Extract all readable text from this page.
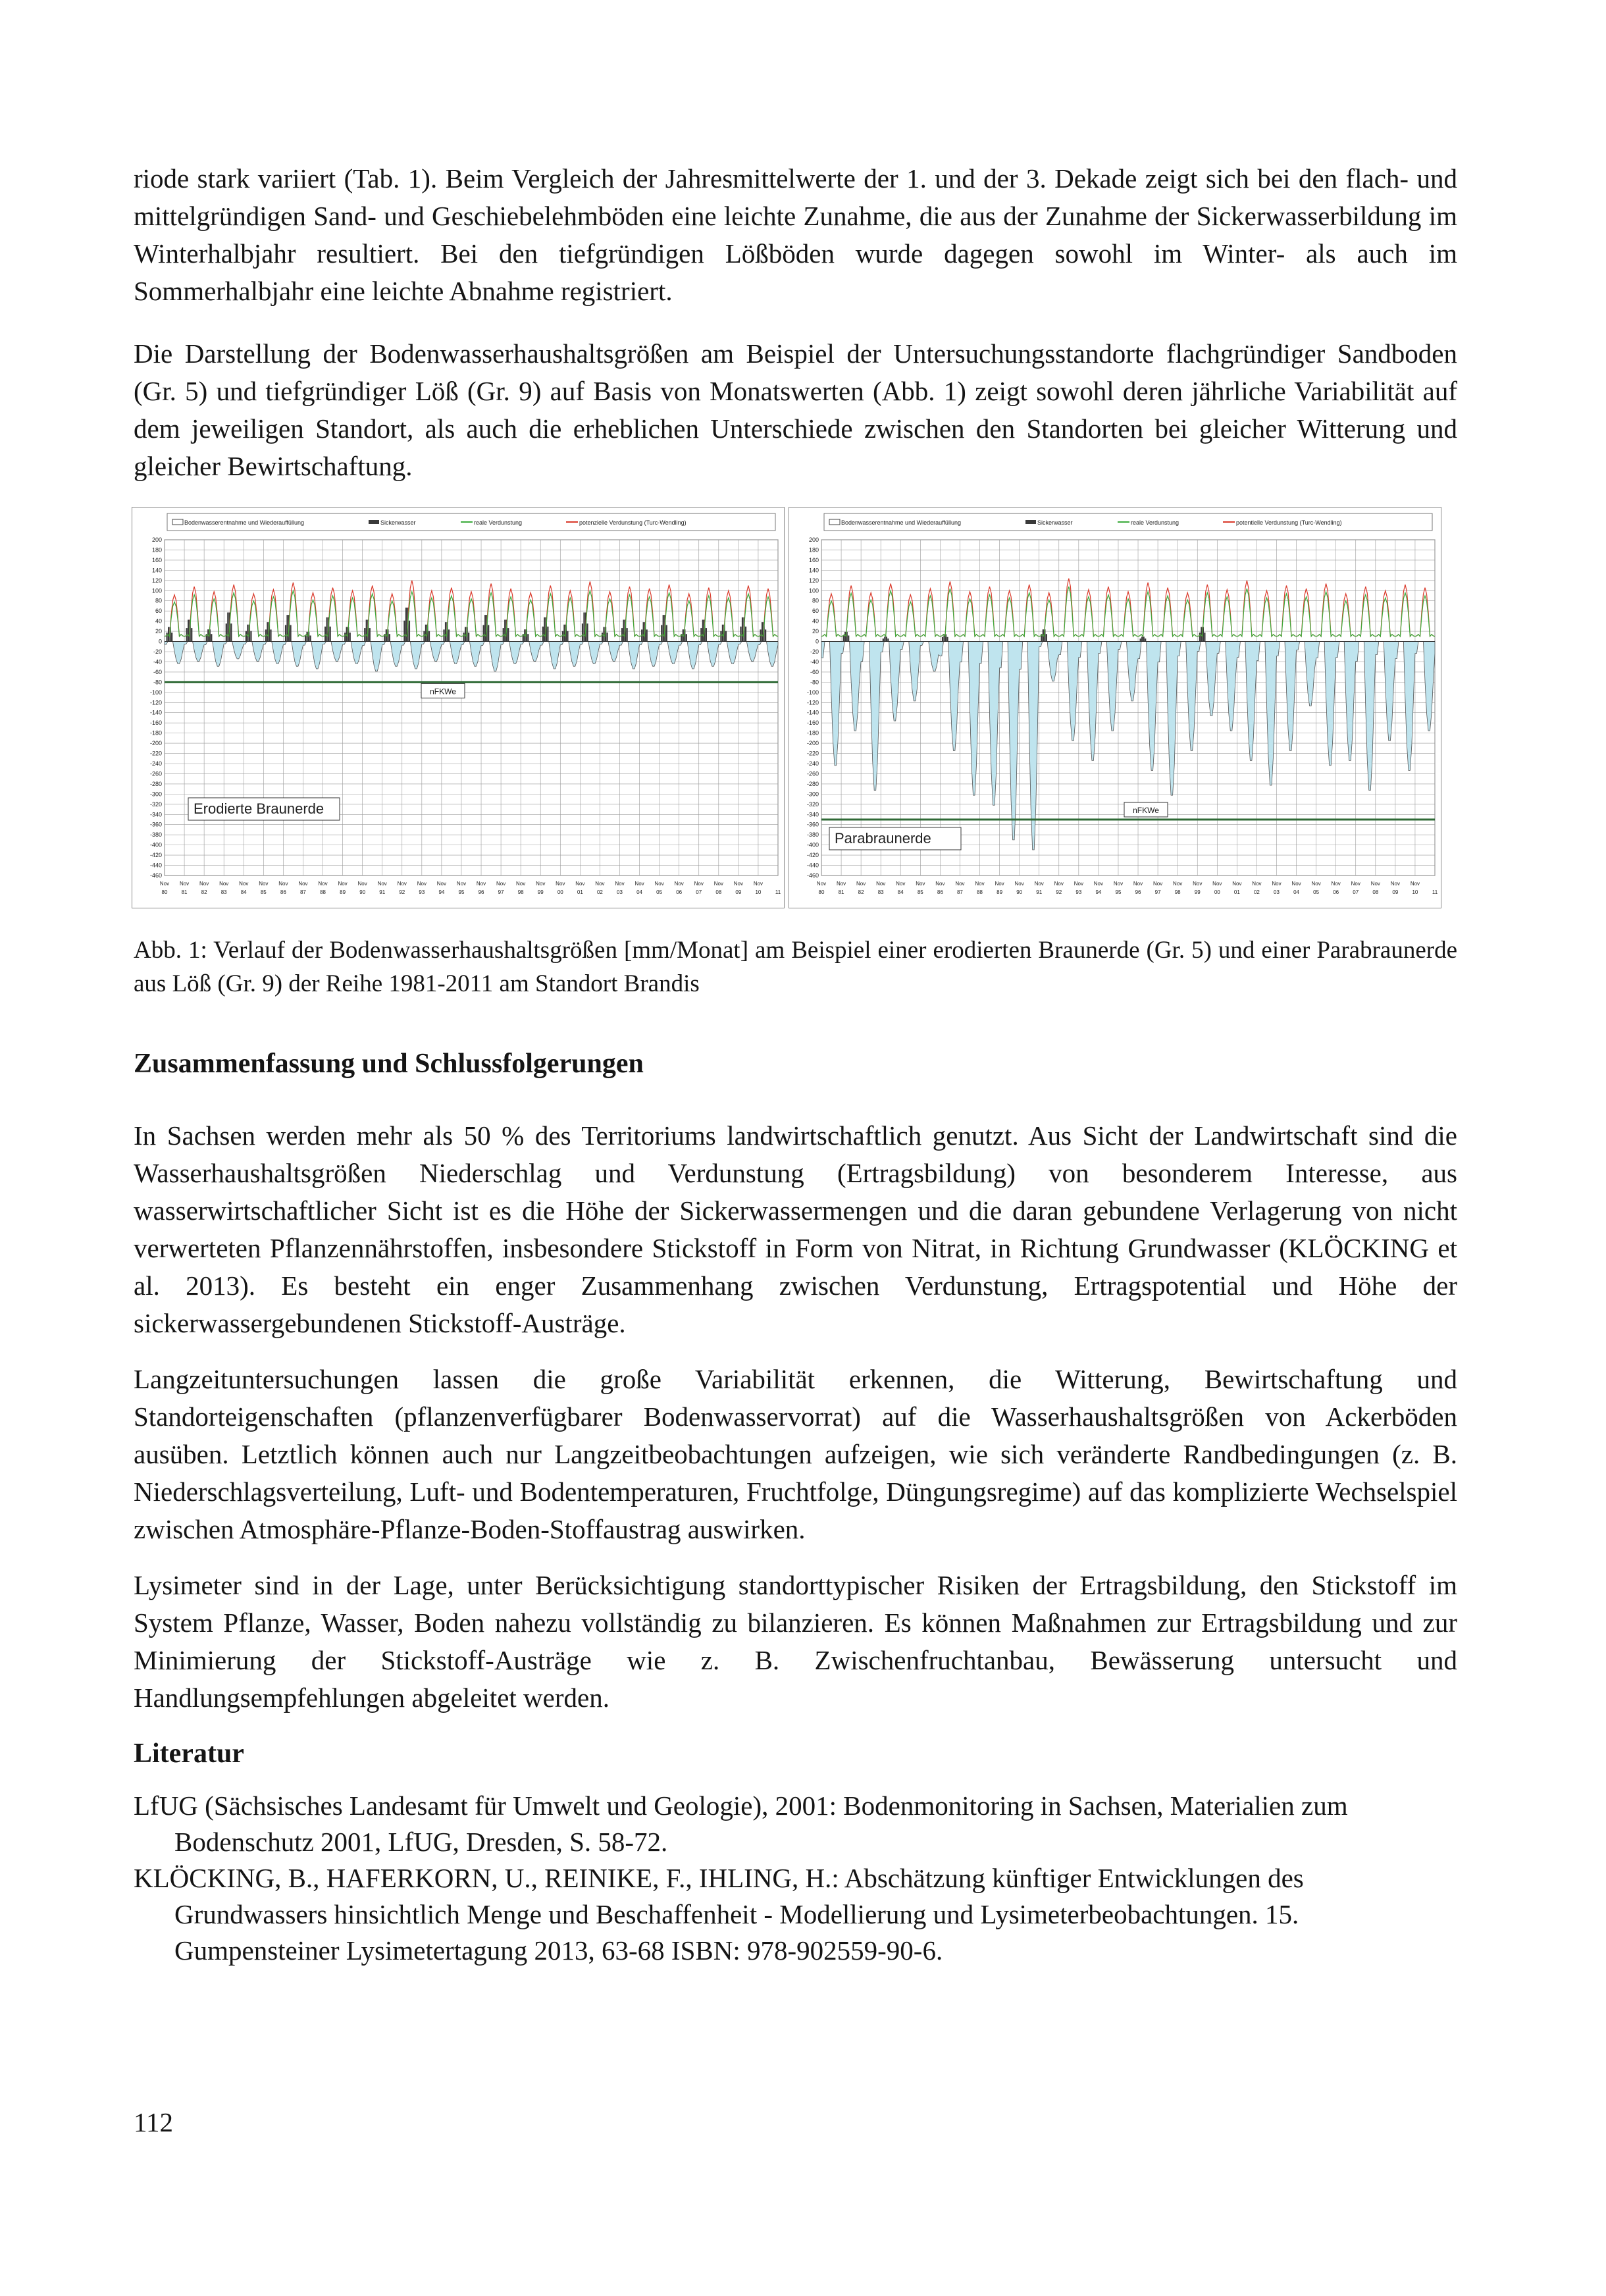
riode stark variiert (Tab. 1). Beim Vergleich der Jahresmittelwerte der 1. und der 3. Dekade zeigt sich bei den flach- und mittelgründigen Sand- und Geschiebelehmböden eine leichte Zunahme, die aus der Zunahme der Sickerwasserbildung im Winterhalbjahr resultiert. Bei den tiefgründigen Lößböden wurde dagegen sowohl im Winter- als auch im Sommerhalbjahr eine leichte Abnahme registriert.

Die Darstellung der Bodenwasserhaushaltsgrößen am Beispiel der Untersuchungsstandorte flachgründiger Sandboden (Gr. 5) und tiefgründiger Löß (Gr. 9) auf Basis von Monatswerten (Abb. 1) zeigt sowohl deren jährliche Variabilität auf dem jeweiligen Standort, als auch die erheblichen Unterschiede zwischen den Standorten bei gleicher Witterung und gleicher Bewirtschaftung.

Bodenwasserentnahme und Wiederauffüllung	Sickerwasser	reale Verdunstung	potenzielle Verdunstung (Turc-Wendling)
200
180
160
140
120
100
80
60
40
20
0
-20
-40
-60
-80
-100
-120
-140
-160
-180
-200
-220
-240
-260
-280
-300
-320
-340
-360
-380
-400
-420
-440
-460
Nov Nov Nov Nov Nov Nov Nov Nov Nov Nov Nov Nov Nov Nov Nov Nov Nov Nov Nov Nov Nov Nov Nov Nov Nov Nov Nov Nov Nov Nov Nov
80	81	82	83	84	85	86	87	88	89	90	91	92	93	94	95	96	97	98	99	00	01	02	03	04	05	06	07	08	09	10	11
nFKWe
Erodierte Braunerde
Bodenwasserentnahme und Wiederauffüllung	Sickerwasser	reale Verdunstung	potentielle Verdunstung (Turc-Wendling)
200
180
160
140
120
100
80
60
40
20
0
-20
-40
-60
-80
-100
-120
-140
-160
-180
-200
-220
-240
-260
-280
-300
-320
-340
-360
-380
-400
-420
-440
-460
Nov Nov Nov Nov Nov Nov Nov Nov Nov Nov Nov Nov Nov Nov Nov Nov Nov Nov Nov Nov Nov Nov Nov Nov Nov Nov Nov Nov Nov Nov Nov
80	81	82	83	84	85	86	87	88	89	90	91	92	93	94	95	96	97	98	99	00	01	02	03	04	05	06	07	08	09	10	11
nFKWe
Parabraunerde

Abb. 1: Verlauf der Bodenwasserhaushaltsgrößen [mm/Monat] am Beispiel einer erodierten Braunerde (Gr. 5) und einer Parabraunerde aus Löß (Gr. 9) der Reihe 1981-2011 am Standort Brandis

Zusammenfassung und Schlussfolgerungen

In Sachsen werden mehr als 50 % des Territoriums landwirtschaftlich genutzt. Aus Sicht der Landwirtschaft sind die Wasserhaushaltsgrößen Niederschlag und Verdunstung (Ertragsbildung) von besonderem Interesse, aus wasserwirtschaftlicher Sicht ist es die Höhe der Sickerwassermengen und die daran gebundene Verlagerung von nicht verwerteten Pflanzennährstoffen, insbesondere Stickstoff in Form von Nitrat, in Richtung Grundwasser (KLÖCKING et al. 2013). Es besteht ein enger Zusammenhang zwischen Verdunstung, Ertragspotential und Höhe der sickerwassergebundenen Stickstoff-Austräge.

Langzeituntersuchungen lassen die große Variabilität erkennen, die Witterung, Bewirtschaftung und Standorteigenschaften (pflanzenverfügbarer Bodenwasservorrat) auf die Wasserhaushaltsgrößen von Ackerböden ausüben. Letztlich können auch nur Langzeitbeobachtungen aufzeigen, wie sich veränderte Randbedingungen (z. B. Niederschlagsverteilung, Luft- und Bodentemperaturen, Fruchtfolge, Düngungsregime) auf das komplizierte Wechselspiel zwischen Atmosphäre-Pflanze-Boden-Stoffaustrag auswirken.

Lysimeter sind in der Lage, unter Berücksichtigung standorttypischer Risiken der Ertragsbildung, den Stickstoff im System Pflanze, Wasser, Boden nahezu vollständig zu bilanzieren. Es können Maßnahmen zur Ertragsbildung und zur Minimierung der Stickstoff-Austräge wie z. B. Zwischenfruchtanbau, Bewässerung untersucht und Handlungsempfehlungen abgeleitet werden.

Literatur

LfUG (Sächsisches Landesamt für Umwelt und Geologie), 2001: Bodenmonitoring in Sachsen, Materialien zum Bodenschutz 2001, LfUG, Dresden, S. 58-72.

KLÖCKING, B., HAFERKORN, U., REINIKE, F., IHLING, H.: Abschätzung künftiger Entwicklungen des Grundwassers hinsichtlich Menge und Beschaffenheit - Modellierung und Lysimeterbeobachtungen. 15. Gumpensteiner Lysimetertagung 2013, 63-68 ISBN: 978-902559-90-6.

112
